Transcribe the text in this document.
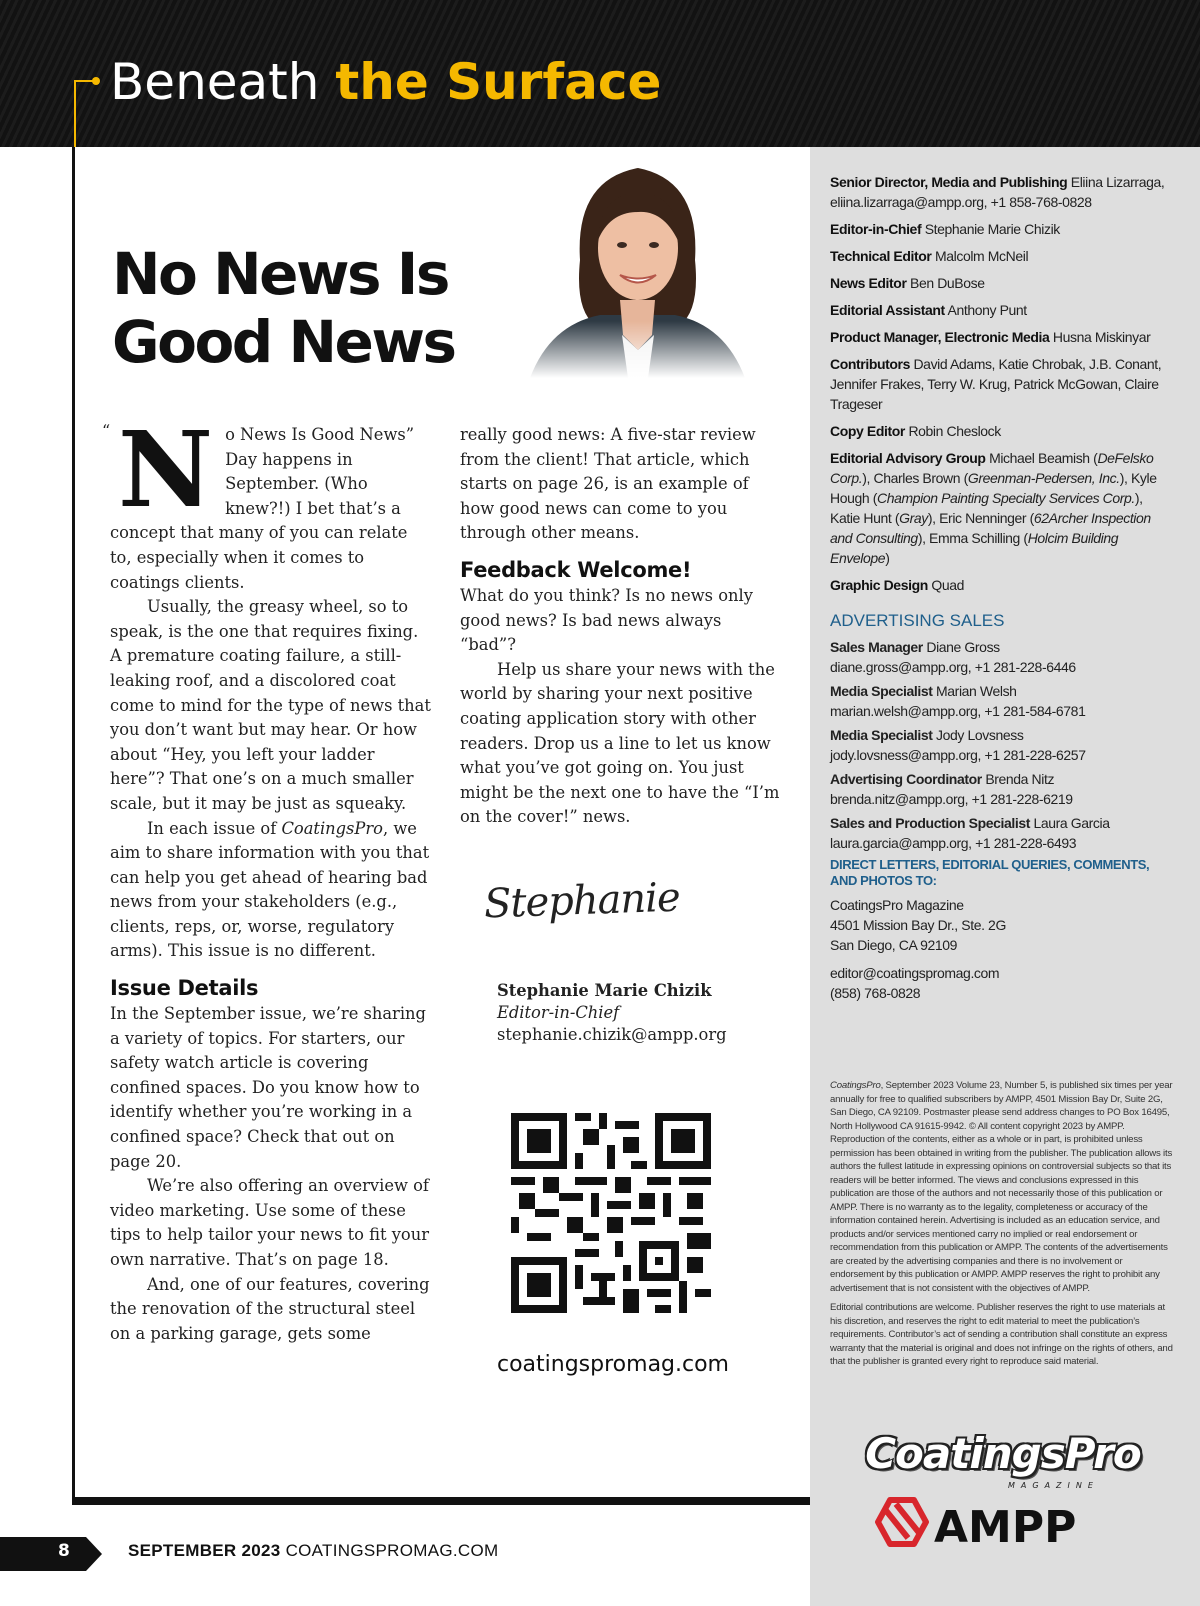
Beneath the Surface
No News Is Good News
“ N o News Is Good News” Day happens in September. (Who knew?!) I bet that’s a concept that many of you can relate to, especially when it comes to coatings clients.

Usually, the greasy wheel, so to speak, is the one that requires fixing. A premature coating failure, a still-leaking roof, and a discolored coat come to mind for the type of news that you don’t want but may hear. Or how about “Hey, you left your ladder here”? That one’s on a much smaller scale, but it may be just as squeaky.

In each issue of CoatingsPro, we aim to share information with you that can help you get ahead of hearing bad news from your stakeholders (e.g., clients, reps, or, worse, regulatory arms). This issue is no different.

Issue Details

In the September issue, we’re sharing a variety of topics. For starters, our safety watch article is covering confined spaces. Do you know how to identify whether you’re working in a confined space? Check that out on page 20.

We’re also offering an overview of video marketing. Use some of these tips to help tailor your news to fit your own narrative. That’s on page 18.

And, one of our features, covering the renovation of the structural steel on a parking garage, gets some

really good news: A five-star review from the client! That article, which starts on page 26, is an example of how good news can come to you through other means.

Feedback Welcome!

What do you think? Is no news only good news? Is bad news always “bad”?

Help us share your news with the world by sharing your next positive coating application story with other readers. Drop us a line to let us know what you’ve got going on. You just might be the next one to have the “I’m on the cover!” news.

Stephanie
Stephanie Marie Chizik
Editor-in-Chief
stephanie.chizik@ampp.org
coatingspromag.com
Senior Director, Media and Publishing Eliina Lizarraga, eliina.lizarraga@ampp.org, +1 858-768-0828
Editor-in-Chief Stephanie Marie Chizik
Technical Editor Malcolm McNeil
News Editor Ben DuBose
Editorial Assistant Anthony Punt
Product Manager, Electronic Media Husna Miskinyar
Contributors David Adams, Katie Chrobak, J.B. Conant, Jennifer Frakes, Terry W. Krug, Patrick McGowan, Claire Trageser
Copy Editor Robin Cheslock
Editorial Advisory Group Michael Beamish (DeFelsko Corp.), Charles Brown (Greenman-Pedersen, Inc.), Kyle Hough (Champion Painting Specialty Services Corp.), Katie Hunt (Gray), Eric Nenninger (62Archer Inspection and Consulting), Emma Schilling (Holcim Building Envelope)
Graphic Design Quad
ADVERTISING SALES
Sales Manager Diane Gross
diane.gross@ampp.org, +1 281-228-6446
Media Specialist Marian Welsh
marian.welsh@ampp.org, +1 281-584-6781
Media Specialist Jody Lovsness
jody.lovsness@ampp.org, +1 281-228-6257
Advertising Coordinator Brenda Nitz
brenda.nitz@ampp.org, +1 281-228-6219
Sales and Production Specialist Laura Garcia
laura.garcia@ampp.org, +1 281-228-6493
DIRECT LETTERS, EDITORIAL QUERIES, COMMENTS, AND PHOTOS TO:
CoatingsPro Magazine
4501 Mission Bay Dr., Ste. 2G
San Diego, CA 92109
editor@coatingspromag.com
(858) 768-0828

CoatingsPro, September 2023 Volume 23, Number 5, is published six times per year annually for free to qualified subscribers by AMPP, 4501 Mission Bay Dr, Suite 2G, San Diego, CA 92109. Postmaster please send address changes to PO Box 16495, North Hollywood CA 91615-9942. © All content copyright 2023 by AMPP. Reproduction of the contents, either as a whole or in part, is prohibited unless permission has been obtained in writing from the publisher. The publication allows its authors the fullest latitude in expressing opinions on controversial subjects so that its readers will be better informed. The views and conclusions expressed in this publication are those of the authors and not necessarily those of this publication or AMPP. There is no warranty as to the legality, completeness or accuracy of the information contained herein. Advertising is included as an education service, and products and/or services mentioned carry no implied or real endorsement or recommendation from this publication or AMPP. The contents of the advertisements are created by the advertising companies and there is no involvement or endorsement by this publication or AMPP. AMPP reserves the right to prohibit any advertisement that is not consistent with the objectives of AMPP.

Editorial contributions are welcome. Publisher reserves the right to use materials at his discretion, and reserves the right to edit material to meet the publication’s requirements. Contributor’s act of sending a contribution shall constitute an express warranty that the material is original and does not infringe on the rights of others, and that the publisher is granted every right to reproduce said material.

CoatingsPro
MAGAZINE
AMPP
8	SEPTEMBER 2023 COATINGSPROMAG.COM
